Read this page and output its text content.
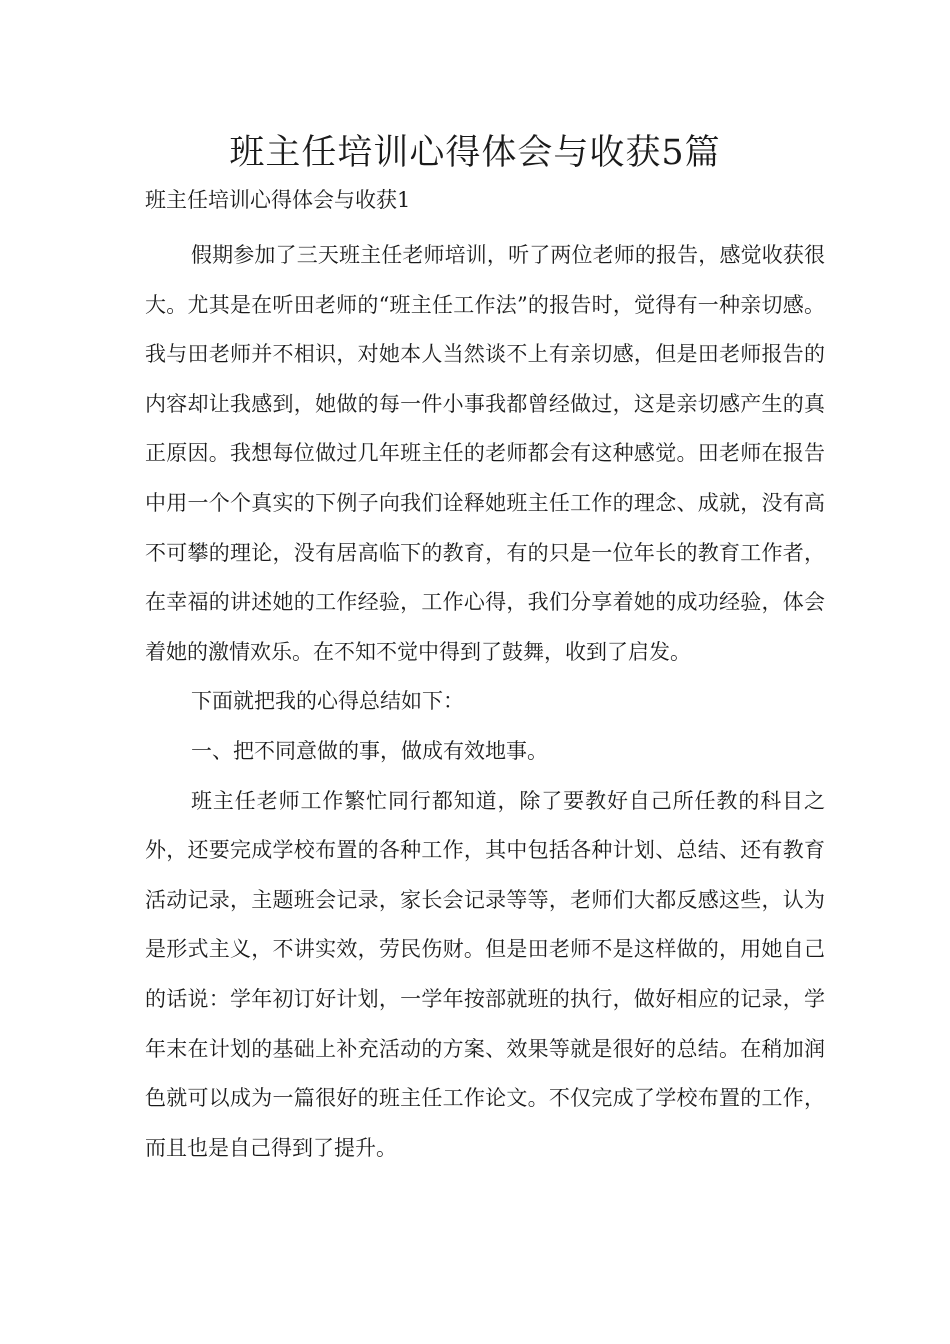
班主任培训心得体会与收获5篇
班主任培训心得体会与收获1

假期参加了三天班主任老师培训，听了两位老师的报告，感觉收获很大。尤其是在听田老师的“班主任工作法”的报告时，觉得有一种亲切感。我与田老师并不相识，对她本人当然谈不上有亲切感，但是田老师报告的内容却让我感到，她做的每一件小事我都曾经做过，这是亲切感产生的真正原因。我想每位做过几年班主任的老师都会有这种感觉。田老师在报告中用一个个真实的下例子向我们诠释她班主任工作的理念、成就，没有高不可攀的理论，没有居高临下的教育，有的只是一位年长的教育工作者，在幸福的讲述她的工作经验，工作心得，我们分享着她的成功经验，体会着她的激情欢乐。在不知不觉中得到了鼓舞，收到了启发。

下面就把我的心得总结如下：

一、把不同意做的事，做成有效地事。

班主任老师工作繁忙同行都知道，除了要教好自己所任教的科目之外，还要完成学校布置的各种工作，其中包括各种计划、总结、还有教育活动记录，主题班会记录，家长会记录等等，老师们大都反感这些，认为是形式主义，不讲实效，劳民伤财。但是田老师不是这样做的，用她自己的话说：学年初订好计划，一学年按部就班的执行，做好相应的记录，学年末在计划的基础上补充活动的方案、效果等就是很好的总结。在稍加润色就可以成为一篇很好的班主任工作论文。不仅完成了学校布置的工作，而且也是自己得到了提升。
